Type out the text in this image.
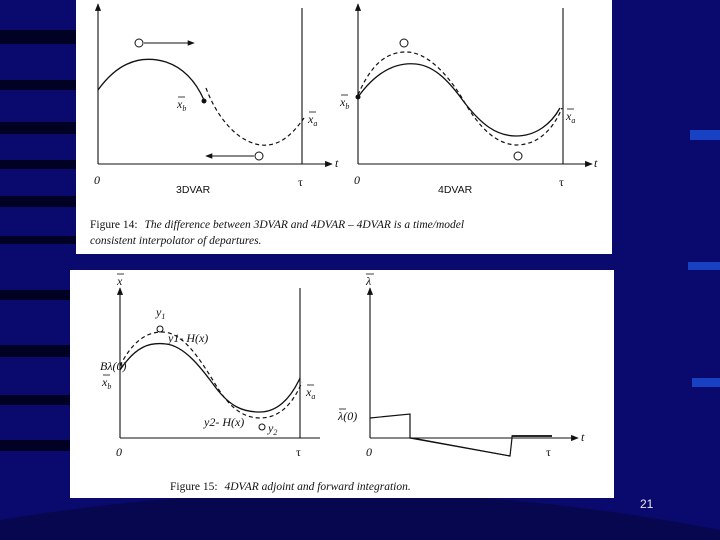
$x_b$
$x_a$
0	τ
t
3DVAR
$x_b$
$x_a$
0	τ
t
4DVAR
Figure 14: The difference between 3DVAR and 4DVAR – 4DVAR is a time/model
consistent interpolator of departures.
x
$y_1$
y1- H(x)
y2- H(x) $y_2$
Bλ(0)
$x_b$	$x_a$
0	τ
λ
λ(0)
0	τ
t
Figure 15: 4DVAR adjoint and forward integration.
21
